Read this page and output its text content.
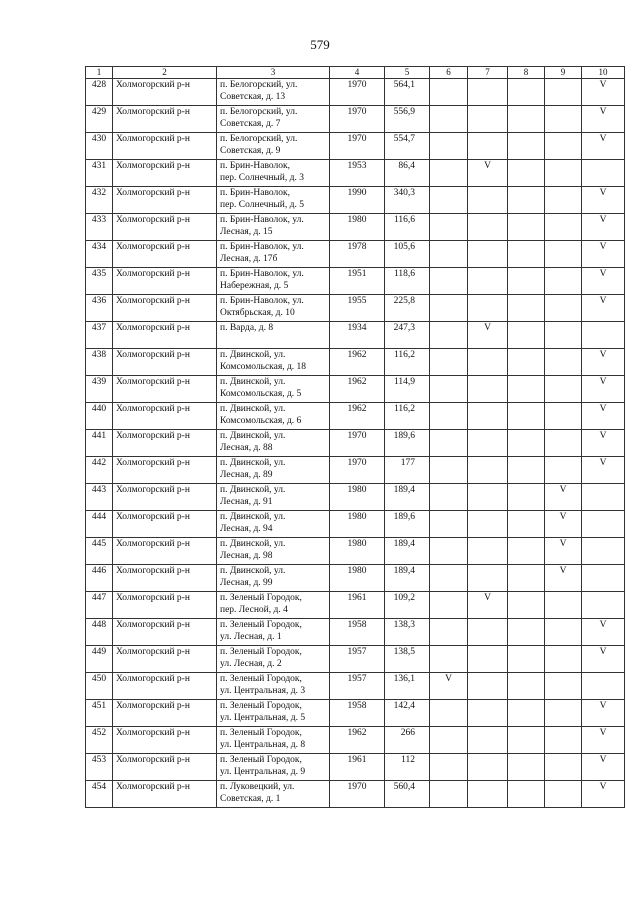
579
1	2	3	4	5	6	7	8	9	10
428	Холмогорский р-н	п. Белогорский, ул.
Советская, д. 13	1970	564,1					V
429	Холмогорский р-н	п. Белогорский, ул.
Советская, д. 7	1970	556,9					V
430	Холмогорский р-н	п. Белогорский, ул.
Советская, д. 9	1970	554,7					V
431	Холмогорский р-н	п. Брин-Наволок,
пер. Солнечный, д. 3	1953	86,4		V			
432	Холмогорский р-н	п. Брин-Наволок,
пер. Солнечный, д. 5	1990	340,3					V
433	Холмогорский р-н	п. Брин-Наволок, ул.
Лесная, д. 15	1980	116,6					V
434	Холмогорский р-н	п. Брин-Наволок, ул.
Лесная, д. 17б	1978	105,6					V
435	Холмогорский р-н	п. Брин-Наволок, ул.
Набережная, д. 5	1951	118,6					V
436	Холмогорский р-н	п. Брин-Наволок, ул.
Октябрьская, д. 10	1955	225,8					V
437	Холмогорский р-н	п. Варда, д. 8	1934	247,3		V			
438	Холмогорский р-н	п. Двинской, ул.
Комсомольская, д. 18	1962	116,2					V
439	Холмогорский р-н	п. Двинской, ул.
Комсомольская, д. 5	1962	114,9					V
440	Холмогорский р-н	п. Двинской, ул.
Комсомольская, д. 6	1962	116,2					V
441	Холмогорский р-н	п. Двинской, ул.
Лесная, д. 88	1970	189,6					V
442	Холмогорский р-н	п. Двинской, ул.
Лесная, д. 89	1970	177					V
443	Холмогорский р-н	п. Двинской, ул.
Лесная, д. 91	1980	189,4				V	
444	Холмогорский р-н	п. Двинской, ул.
Лесная, д. 94	1980	189,6				V	
445	Холмогорский р-н	п. Двинской, ул.
Лесная, д. 98	1980	189,4				V	
446	Холмогорский р-н	п. Двинской, ул.
Лесная, д. 99	1980	189,4				V	
447	Холмогорский р-н	п. Зеленый Городок,
пер. Лесной, д. 4	1961	109,2		V			
448	Холмогорский р-н	п. Зеленый Городок,
ул. Лесная, д. 1	1958	138,3					V
449	Холмогорский р-н	п. Зеленый Городок,
ул. Лесная, д. 2	1957	138,5					V
450	Холмогорский р-н	п. Зеленый Городок,
ул. Центральная, д. 3	1957	136,1	V				
451	Холмогорский р-н	п. Зеленый Городок,
ул. Центральная, д. 5	1958	142,4					V
452	Холмогорский р-н	п. Зеленый Городок,
ул. Центральная, д. 8	1962	266					V
453	Холмогорский р-н	п. Зеленый Городок,
ул. Центральная, д. 9	1961	112					V
454	Холмогорский р-н	п. Луковецкий, ул.
Советская, д. 1	1970	560,4					V
